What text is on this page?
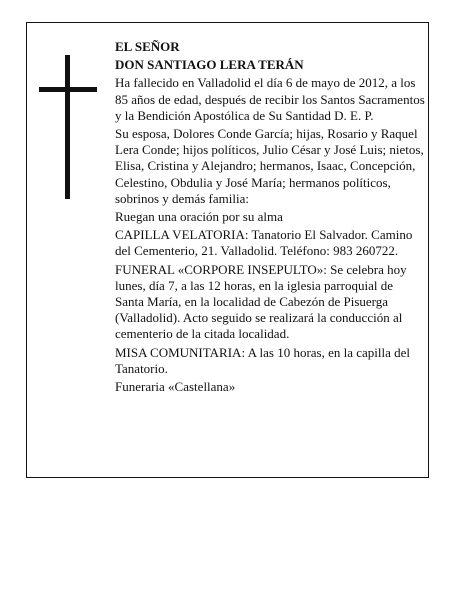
EL SEÑOR

DON SANTIAGO LERA TERÁN

Ha fallecido en Valladolid el día 6 de mayo de 2012, a los 85 años de edad, después de recibir los Santos Sacramentos y la Bendición Apostólica de Su Santidad D. E. P.

Su esposa, Dolores Conde García; hijas, Rosario y Raquel Lera Conde; hijos políticos, Julio César y José Luis; nietos, Elisa, Cristina y Alejandro; hermanos, Isaac, Concepción, Celestino, Obdulia y José María; hermanos políticos, sobrinos y demás familia:

Ruegan una oración por su alma

CAPILLA VELATORIA: Tanatorio El Salvador. Camino del Cementerio, 21. Valladolid. Teléfono: 983 260722.

FUNERAL «CORPORE INSEPULTO»: Se celebra hoy lunes, día 7, a las 12 horas, en la iglesia parroquial de Santa María, en la localidad de Cabezón de Pisuerga (Valladolid). Acto seguido se realizará la conducción al cementerio de la citada localidad.

MISA COMUNITARIA: A las 10 horas, en la capilla del Tanatorio.

Funeraria «Castellana»
